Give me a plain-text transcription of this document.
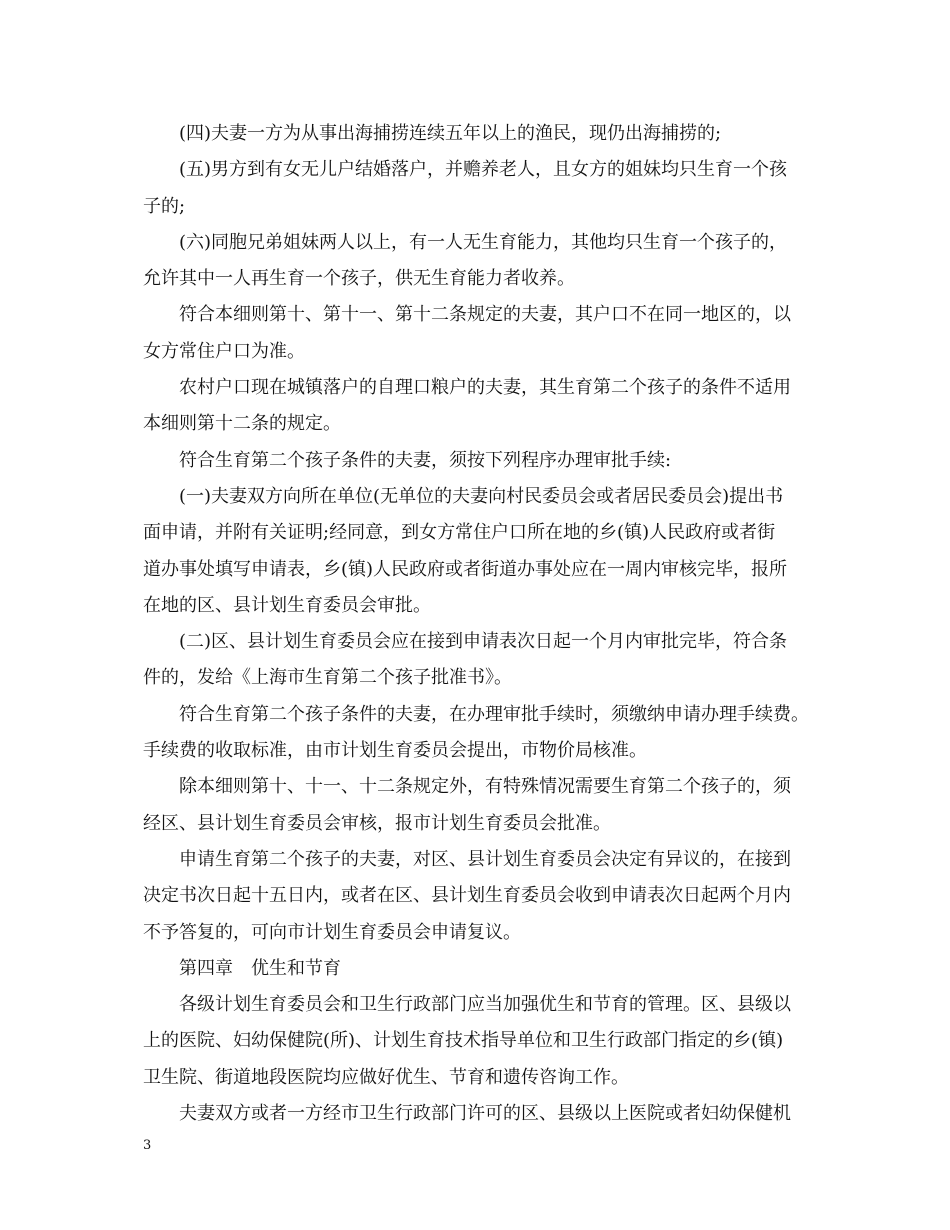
(四)夫妻一方为从事出海捕捞连续五年以上的渔民，现仍出海捕捞的;
(五)男方到有女无儿户结婚落户，并赡养老人，且女方的姐妹均只生育一个孩
子的;
(六)同胞兄弟姐妹两人以上，有一人无生育能力，其他均只生育一个孩子的，
允许其中一人再生育一个孩子，供无生育能力者收养。
符合本细则第十、第十一、第十二条规定的夫妻，其户口不在同一地区的，以
女方常住户口为准。
农村户口现在城镇落户的自理口粮户的夫妻，其生育第二个孩子的条件不适用
本细则第十二条的规定。
符合生育第二个孩子条件的夫妻，须按下列程序办理审批手续:
(一)夫妻双方向所在单位(无单位的夫妻向村民委员会或者居民委员会)提出书
面申请，并附有关证明;经同意，到女方常住户口所在地的乡(镇)人民政府或者街
道办事处填写申请表，乡(镇)人民政府或者街道办事处应在一周内审核完毕，报所
在地的区、县计划生育委员会审批。
(二)区、县计划生育委员会应在接到申请表次日起一个月内审批完毕，符合条
件的，发给《上海市生育第二个孩子批准书》。
符合生育第二个孩子条件的夫妻，在办理审批手续时，须缴纳申请办理手续费。
手续费的收取标准，由市计划生育委员会提出，市物价局核准。
除本细则第十、十一、十二条规定外，有特殊情况需要生育第二个孩子的，须
经区、县计划生育委员会审核，报市计划生育委员会批准。
申请生育第二个孩子的夫妻，对区、县计划生育委员会决定有异议的，在接到
决定书次日起十五日内，或者在区、县计划生育委员会收到申请表次日起两个月内
不予答复的，可向市计划生育委员会申请复议。
第四章　优生和节育
各级计划生育委员会和卫生行政部门应当加强优生和节育的管理。区、县级以
上的医院、妇幼保健院(所)、计划生育技术指导单位和卫生行政部门指定的乡(镇)
卫生院、街道地段医院均应做好优生、节育和遗传咨询工作。
夫妻双方或者一方经市卫生行政部门许可的区、县级以上医院或者妇幼保健机
3
